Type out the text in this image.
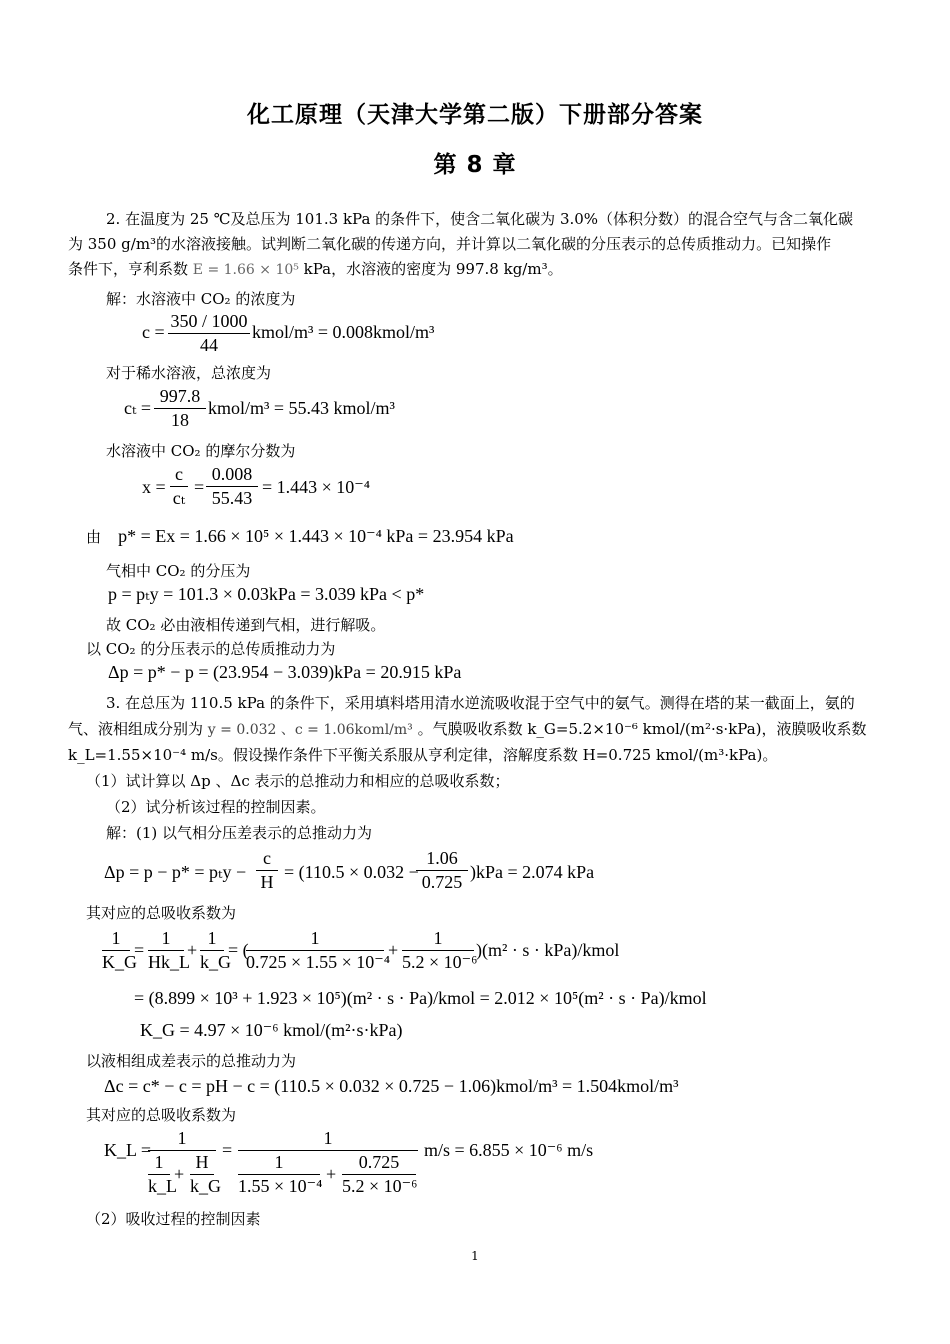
化工原理（天津大学第二版）下册部分答案
第 8 章
2. 在温度为 25 ℃及总压为 101.3 kPa 的条件下，使含二氧化碳为 3.0%（体积分数）的混合空气与含二氧化碳
为 350 g/m³的水溶液接触。试判断二氧化碳的传递方向，并计算以二氧化碳的分压表示的总传质推动力。已知操作
条件下，亨利系数 E = 1.66 × 10⁵ kPa，水溶液的密度为 997.8 kg/m³。
解：水溶液中 CO₂ 的浓度为
c =
350 / 1000
44
kmol/m³ = 0.008kmol/m³
对于稀水溶液，总浓度为
cₜ =
997.8
18
kmol/m³ = 55.43 kmol/m³
水溶液中 CO₂ 的摩尔分数为
x =
c
cₜ
=
0.008
55.43
= 1.443 × 10⁻⁴
由 p* = Ex = 1.66 × 10⁵ × 1.443 × 10⁻⁴ kPa = 23.954 kPa
气相中 CO₂ 的分压为
p = pₜy = 101.3 × 0.03kPa = 3.039 kPa < p*
故 CO₂ 必由液相传递到气相，进行解吸。
以 CO₂ 的分压表示的总传质推动力为
Δp = p* − p = (23.954 − 3.039)kPa = 20.915 kPa
3. 在总压为 110.5 kPa 的条件下，采用填料塔用清水逆流吸收混于空气中的氨气。测得在塔的某一截面上，氨的
气、液相组成分别为 y = 0.032 、c = 1.06koml/m³ 。气膜吸收系数 k_G=5.2×10⁻⁶ kmol/(m²·s·kPa)，液膜吸收系数
k_L=1.55×10⁻⁴ m/s。假设操作条件下平衡关系服从亨利定律，溶解度系数 H=0.725 kmol/(m³·kPa)。
（1）试计算以 Δp 、Δc 表示的总推动力和相应的总吸收系数；
（2）试分析该过程的控制因素。
解：(1) 以气相分压差表示的总推动力为
Δp = p − p* = pₜy −
c
H = (110.5 × 0.032 −
1.06
0.725 )kPa = 2.074 kPa
其对应的总吸收系数为
1
K_G
=
1
Hk_L
+
1
k_G
= (
1
0.725 × 1.55 × 10⁻⁴
+
1
5.2 × 10⁻⁶
)(m² · s · kPa)/kmol
= (8.899 × 10³ + 1.923 × 10⁵)(m² · s · Pa)/kmol = 2.012 × 10⁵(m² · s · Pa)/kmol
K_G = 4.97 × 10⁻⁶ kmol/(m²·s·kPa)
以液相组成差表示的总推动力为
Δc = c* − c = pH − c = (110.5 × 0.032 × 0.725 − 1.06)kmol/m³ = 1.504kmol/m³
其对应的总吸收系数为
K_L =
1
1
k_L
+
H
k_G
=
1
1
1.55 × 10⁻⁴
+
0.725
5.2 × 10⁻⁶
m/s = 6.855 × 10⁻⁶ m/s
（2）吸收过程的控制因素
1
